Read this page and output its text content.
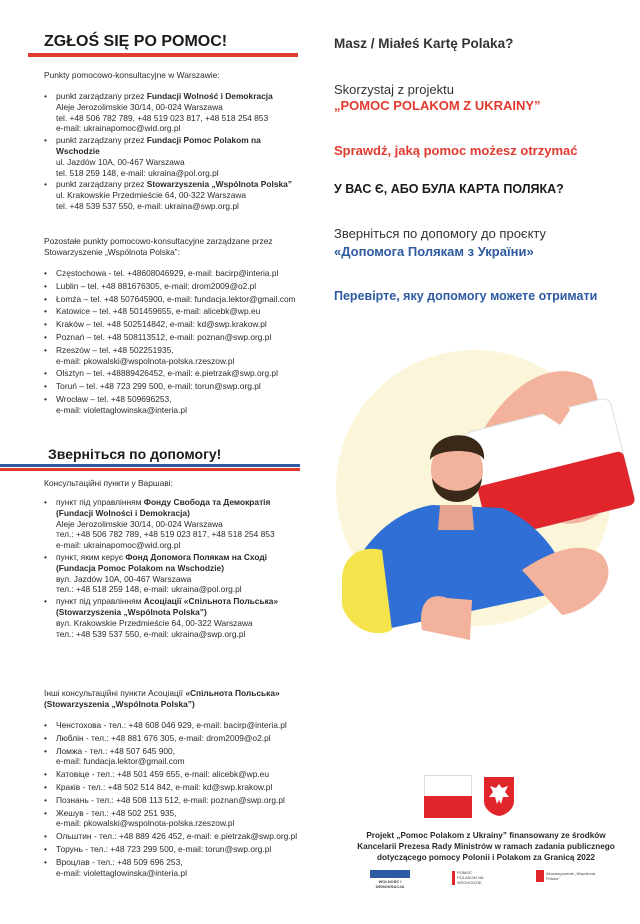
ZGŁOŚ SIĘ PO POMOC!
Punkty pomocowo-konsultacyjne w Warszawie:
• punkt zarządzany przez Fundacji Wolność i Demokracja
Aleje Jerozolimskie 30/14, 00-024 Warszawa
tel. +48 506 782 789, +48 519 023 817, +48 518 254 853
e-mail: ukrainapomoc@wid.org.pl
• punkt zarządzany przez Fundacji Pomoc Polakom na Wschodzie
ul. Jazdów 10A, 00-467 Warszawa
tel. 518 259 148, e-mail: ukraina@pol.org.pl
• punkt zarządzany przez Stowarzyszenia „Wspólnota Polska”
ul. Krakowskie Przedmieście 64, 00-322 Warszawa
tel. +48 539 537 550, e-mail: ukraina@swp.org.pl
Pozostałe punkty pomocowo-konsultacyjne zarządzane przez Stowarzyszenie „Wspólnota Polska”:
• Częstochowa - tel. +48608046929, e-mail: bacirp@interia.pl
• Lublin – tel. +48 881676305, e-mail: drom2009@o2.pl
• Łomża – tel. +48 507645900, e-mail: fundacja.lektor@gmail.com
• Katowice – tel. +48 501459655, e-mail: alicebk@wp.eu
• Kraków – tel. +48 502514842, e-mail: kd@swp.krakow.pl
• Poznań – tel. +48 508113512, e-mail: poznan@swp.org.pl
• Rzeszów – tel. +48 502251935,
e-mail: pkowalski@wspolnota-polska.rzeszow.pl
• Olsztyn – tel. +48889426452, e-mail: e.pietrzak@swp.org.pl
• Toruń – tel. +48 723 299 500, e-mail: torun@swp.org.pl
• Wrocław – tel. +48 509696253,
e-mail: violettaglowinska@interia.pl
Зверніться по допомогу!
Консультаційні пункти у Варшаві:
• пункт під управлінням Фонду Свобода та Демократія
(Fundacji Wolności i Demokracja)
Aleje Jerozolimskie 30/14, 00-024 Warszawa
тел.: +48 506 782 789, +48 519 023 817, +48 518 254 853
e-mail: ukrainapomoc@wid.org.pl
• пункт, яким керує Фонд Допомога Полякам на Сході
(Fundacja Pomoc Polakom na Wschodzie)
вул. Jazdów 10A, 00-467 Warszawa
тел.: +48 518 259 148, e-mail: ukraina@pol.org.pl
• пункт під управлінням Асоціації «Спільнота Польська»
(Stowarzyszenia „Wspólnota Polska”)
вул. Krakowskie Przedmieście 64, 00-322 Warszawa
тел.: +48 539 537 550, e-mail: ukraina@swp.org.pl
Інші консультаційні пункти Асоціації «Спільнота Польська» (Stowarzyszenia „Wspólnota Polska”)
• Ченстохова - тел.: +48 608 046 929, e-mail: bacirp@interia.pl
• Люблін - тел.: +48 881 676 305, e-mail: drom2009@o2.pl
• Ломжа - тел.: +48 507 645 900,
e-mail: fundacja.lektor@gmail.com
• Катовіце - тел.: +48 501 459 655, e-mail: alicebk@wp.eu
• Краків - тел.: +48 502 514 842, e-mail: kd@swp.krakow.pl
• Познань - тел.: +48 508 113 512, e-mail: poznan@swp.org.pl
• Жешув - тел.: +48 502 251 935,
e-mail: pkowalski@wspolnota-polska.rzeszow.pl
• Ольштин - тел.: +48 889 426 452, e-mail: e.pietrzak@swp.org.pl
• Торунь - тел.: +48 723 299 500, e-mail: torun@swp.org.pl
• Вроцлав - тел.: +48 509 696 253,
e-mail: violettaglowinska@interia.pl
Masz / Miałeś Kartę Polaka?
Skorzystaj z projektu
„POMOC POLAKOM Z UKRAINY”
Sprawdź, jaką pomoc możesz otrzymać
У ВАС Є, АБО БУЛА КАРТА ПОЛЯКА?
Зверніться по допомогу до проєкту
«Допомога Полякам з України»
Перевірте, яку допомогу можете отримати
Projekt „Pomoc Polakom z Ukrainy” finansowany ze środków
Kancelarii Prezesa Rady Ministrów w ramach zadania publicznego
dotyczącego pomocy Polonii i Polakom za Granicą 2022
WOLNOŚĆ I DEMOKRACJA
POMOC POLAKOM NA WSCHODZIE
Stowarzyszenie „Wspólnota Polska”
